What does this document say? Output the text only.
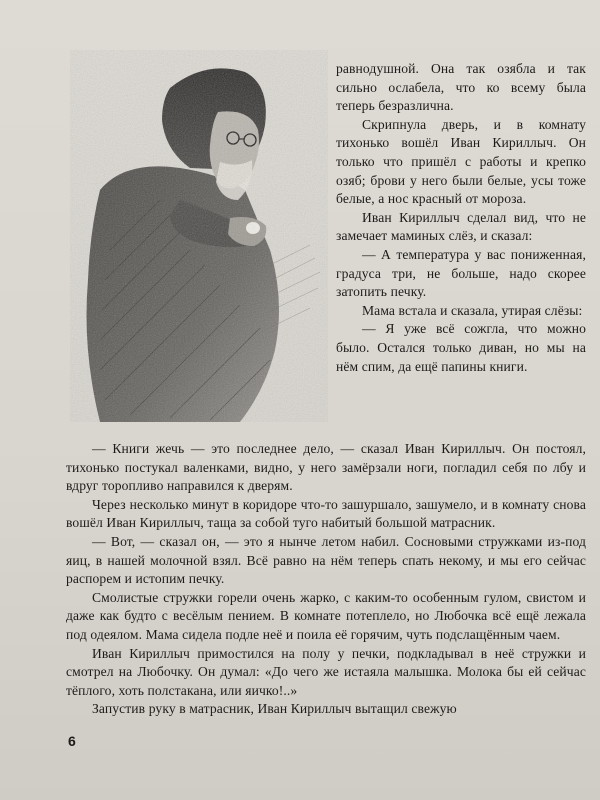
равнодушной. Она так озябла и так сильно ослабела, что ко всему была теперь безразлична.

Скрипнула дверь, и в комнату тихонько вошёл Иван Кириллыч. Он только что пришёл с работы и крепко озяб; брови у него были белые, усы тоже белые, а нос красный от мороза.

Иван Кириллыч сделал вид, что не замечает маминых слёз, и сказал:

— А температура у вас пониженная, градуса три, не больше, надо скорее затопить печку.

Мама встала и сказала, утирая слёзы:

— Я уже всё сожгла, что можно было. Остался только диван, но мы на нём спим, да ещё папины книги.

— Книги жечь — это последнее дело, — сказал Иван Кириллыч. Он постоял, тихонько постукал валенками, видно, у него замёрзали ноги, погладил себя по лбу и вдруг торопливо направился к дверям.

Через несколько минут в коридоре что-то зашуршало, зашумело, и в комнату снова вошёл Иван Кириллыч, таща за собой туго набитый большой матрасник.

— Вот, — сказал он, — это я нынче летом набил. Сосновыми стружками из-под яиц, в нашей молочной взял. Всё равно на нём теперь спать некому, и мы его сейчас распорем и истопим печку.

Смолистые стружки горели очень жарко, с каким-то особенным гулом, свистом и даже как будто с весёлым пением. В комнате потеплело, но Любочка всё ещё лежала под одеялом. Мама сидела подле неё и поила её горячим, чуть подслащённым чаем.

Иван Кириллыч примостился на полу у печки, подкладывал в неё стружки и смотрел на Любочку. Он думал: «До чего же истаяла малышка. Молока бы ей сейчас тёплого, хоть полстакана, или яичко!..»

Запустив руку в матрасник, Иван Кириллыч вытащил свежую

6
